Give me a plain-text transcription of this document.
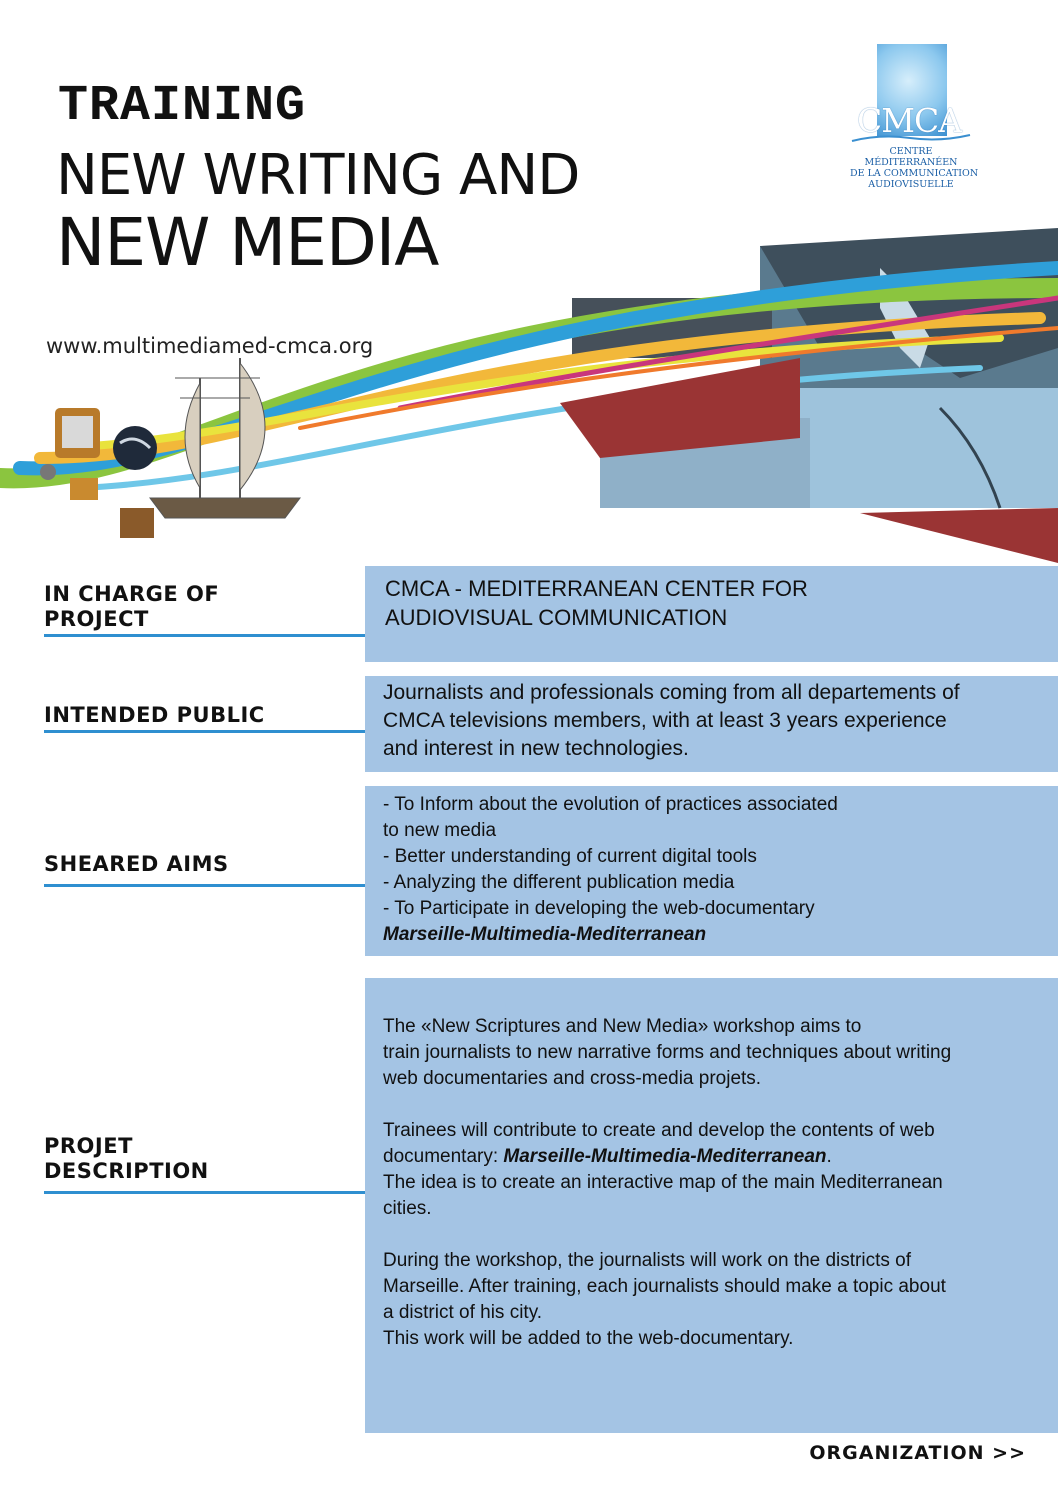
TRAINING
NEW WRITING AND
NEW MEDIA
www.multimediamed-cmca.org
CMCA
CENTRE
MÉDITERRANÉEN
DE LA COMMUNICATION
AUDIOVISUELLE
IN CHARGE OF
PROJECT
CMCA - MEDITERRANEAN CENTER FOR
AUDIOVISUAL COMMUNICATION
INTENDED PUBLIC
Journalists and professionals coming from all departements of
CMCA televisions members, with at least 3 years experience
and interest in new technologies.
SHEARED AIMS
- To Inform about the evolution of practices associated
to new media
- Better understanding of current digital tools
- Analyzing the different publication media
- To Participate in developing the web-documentary
Marseille-Multimedia-Mediterranean
PROJET
DESCRIPTION
The «New Scriptures and New Media» workshop aims to
train journalists to new narrative forms and techniques about writing
web documentaries and cross-media projets.
Trainees will contribute to create and develop the contents of web
documentary: Marseille-Multimedia-Mediterranean.
The idea is to create an interactive map of the main Mediterranean
cities.
During the workshop, the journalists will work on the districts of
Marseille. After training, each journalists should make a topic about
a district of his city.
This work will be added to the web-documentary.
ORGANIZATION >>
